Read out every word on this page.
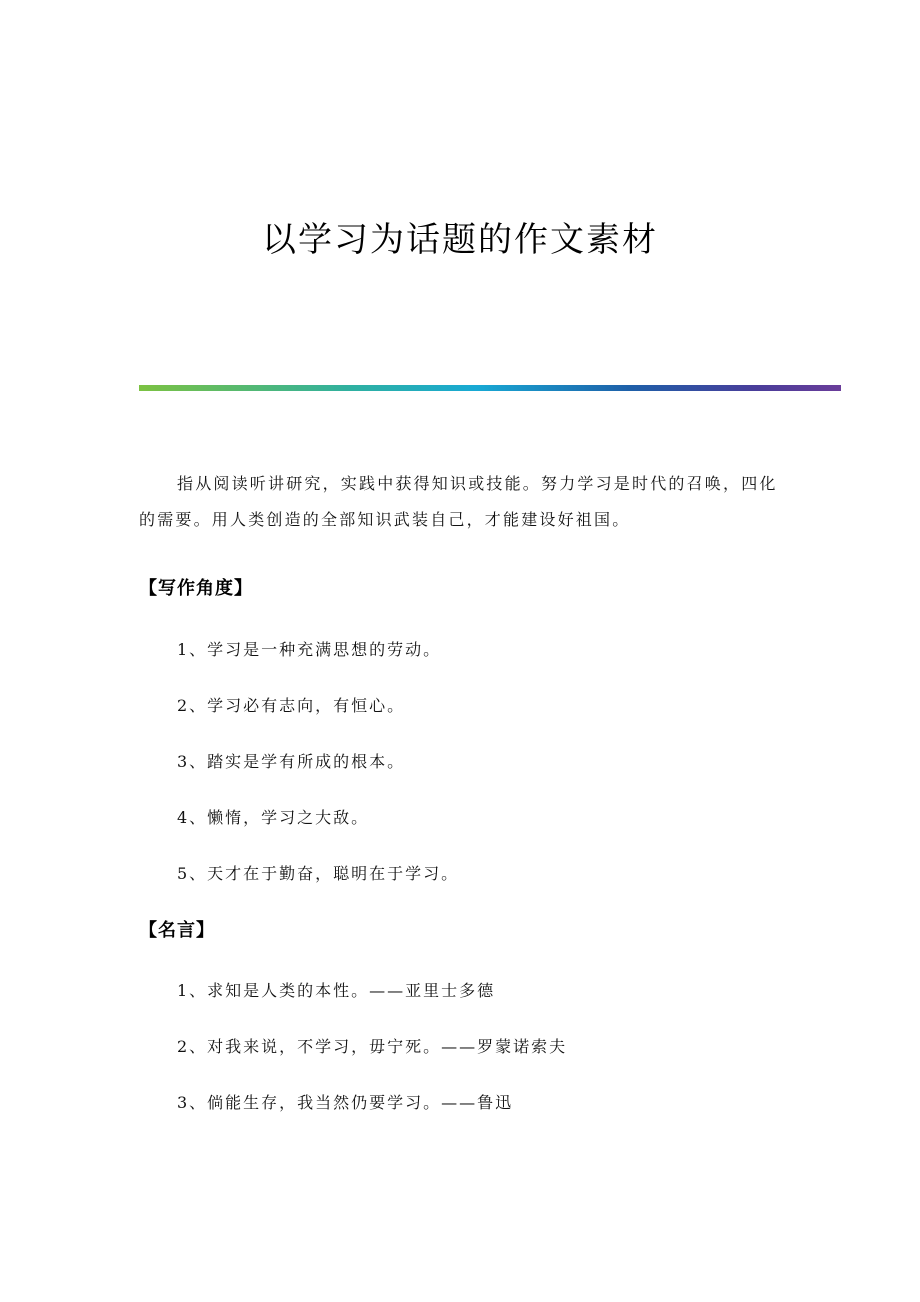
以学习为话题的作文素材

指从阅读听讲研究，实践中获得知识或技能。努力学习是时代的召唤，四化的需要。用人类创造的全部知识武装自己，才能建设好祖国。

【写作角度】

1、学习是一种充满思想的劳动。

2、学习必有志向，有恒心。

3、踏实是学有所成的根本。

4、懒惰，学习之大敌。

5、天才在于勤奋，聪明在于学习。

【名言】

1、求知是人类的本性。——亚里士多德

2、对我来说，不学习，毋宁死。——罗蒙诺索夫

3、倘能生存，我当然仍要学习。——鲁迅
